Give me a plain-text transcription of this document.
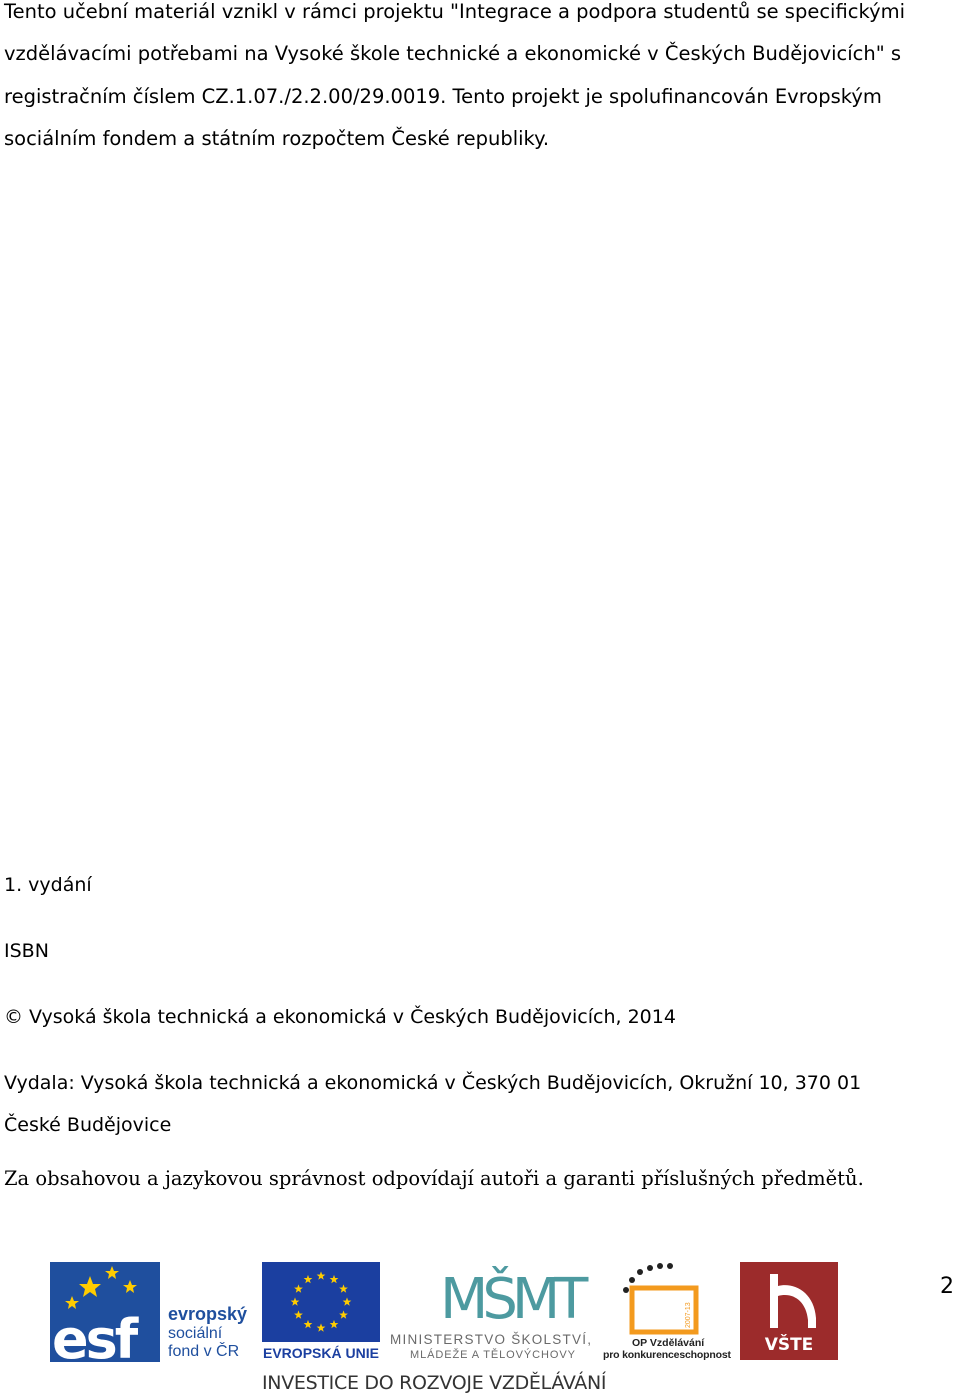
Tento učební materiál vznikl v rámci projektu "Integrace a podpora studentů se specifickými
vzdělávacími potřebami na Vysoké škole technické a ekonomické v Českých Budějovicích" s
registračním číslem CZ.1.07./2.2.00/29.0019. Tento projekt je spolufinancován Evropským
sociálním fondem a státním rozpočtem České republiky.
1. vydání
ISBN
© Vysoká škola technická a ekonomická v Českých Budějovicích, 2014
Vydala: Vysoká škola technická a ekonomická v Českých Budějovicích, Okružní 10, 370 01
České Budějovice
Za obsahovou a jazykovou správnost odpovídají autoři a garanti příslušných předmětů.
esf evropský
sociální
fond v ČR EVROPSKÁ UNIE
MŠMT
MINISTERSTVO ŠKOLSTVÍ,
MLÁDEŽE A TĚLOVÝCHOVY
2007-13
OP Vzdělávání
pro konkurenceschopnost VŠTE
2
INVESTICE DO ROZVOJE VZDĚLÁVÁNÍ
